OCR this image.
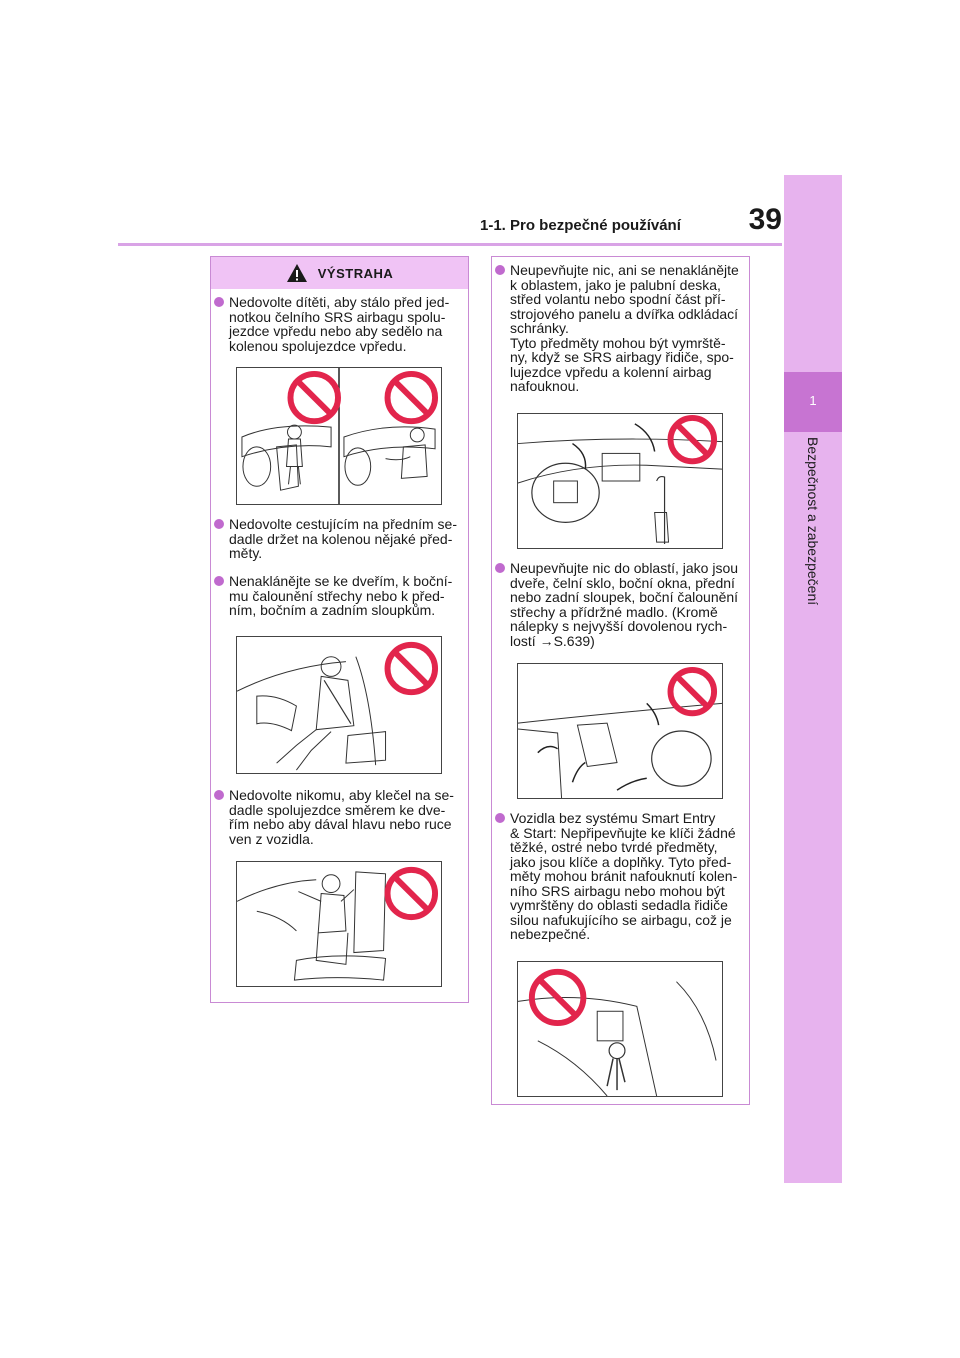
39
1-1. Pro bezpečné používání
1
Bezpečnost a zabezpečení
VÝSTRAHA
Nedovolte dítěti, aby stálo před jed-
notkou čelního SRS airbagu spolu-
jezdce vpředu nebo aby sedělo na
kolenou spolujezdce vpředu.
Nedovolte cestujícím na předním se-
dadle držet na kolenou nějaké před-
měty.
Nenaklánějte se ke dveřím, k boční-
mu čalounění střechy nebo k před-
ním, bočním a zadním sloupkům.
Nedovolte nikomu, aby klečel na se-
dadle spolujezdce směrem ke dve-
řím nebo aby dával hlavu nebo ruce
ven z vozidla.
Neupevňujte nic, ani se nenaklánějte
k oblastem, jako je palubní deska,
střed volantu nebo spodní část pří-
strojového panelu a dvířka odkládací
schránky.
Tyto předměty mohou být vymrště-
ny, když se SRS airbagy řidiče, spo-
lujezdce vpředu a kolenní airbag
nafouknou.
Neupevňujte nic do oblastí, jako jsou
dveře, čelní sklo, boční okna, přední
nebo zadní sloupek, boční čalounění
střechy a přídržné madlo. (Kromě
nálepky s nejvyšší dovolenou rych-
lostí →S.639)
Vozidla bez systému Smart Entry
& Start: Nepřipevňujte ke klíči žádné
těžké, ostré nebo tvrdé předměty,
jako jsou klíče a doplňky. Tyto před-
měty mohou bránit nafouknutí kolen-
ního SRS airbagu nebo mohou být
vymrštěny do oblasti sedadla řidiče
silou nafukujícího se airbagu, což je
nebezpečné.
